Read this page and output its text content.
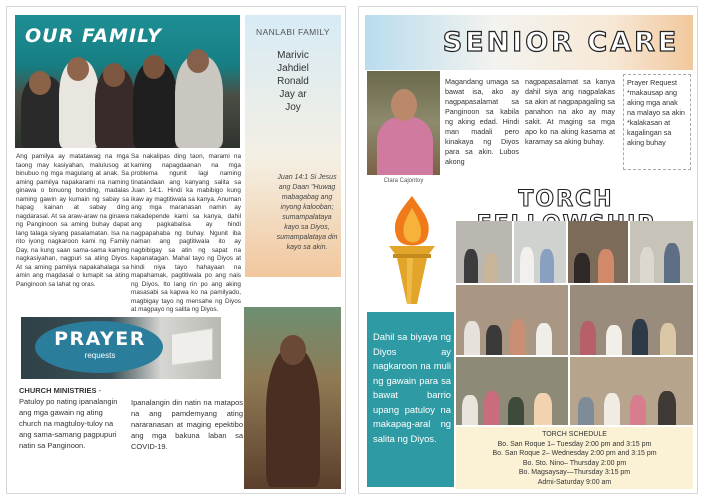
OUR FAMILY	NANLABI FAMILY
Marivic
Jahdiel
Ronald
Jay ar
Joy
Juan 14:1 Si Jesus ang Daan "Huwag mabagabag ang inyong kalooban; sumampalataya kayo sa Diyos, sumampalataya din kayo sa akin.
Ang pamilya ay matatawag na mga taong may kasiyahan, malulusog at binubuo ng mga magulang at anak. Sa aming pamilya napakarami na naming ginawa o binuong bonding, madalas naming gawin ay kumain ng sabay sa hapag kainan at sabay ding nagdarasal. At sa araw-araw na ginawa ng Panginoon sa aming buhay dapat lang talaga siyang pasalamatan. Isa na rito iyong nagkaroon kami ng Family Day, na kung saan sama-sama kaming nagkasiyahan, nagpuri sa ating Diyos. At sa aming pamilya napakahalaga sa amin ang magdasal o lumapit sa ating Panginoon sa lahat ng oras.
Sa nakalipas ding taon, marami na kaming napagdaanan na mga problema ngunit lagi naming tinatandaan ang kanyang salita sa Juan 14:1. Hindi ka mabibigo kung ikaw ay magtitiwala sa kanya. Anuman ang mga maranasan namin ay nakadepende kami sa kanya, dahil ang pagkabalisa ay hindi nagpapahaba ng buhay. Ngunit iba naman ang pagtitiwala ito ay nagbibigay sa atin ng sapat na kapanatagan. Mahal tayo ng Diyos at hindi niya tayo hahayaan na mapahamak, pagtitiwala po ang nais ng Diyos. Ito lang rin po ang aking masasabi sa kapwa ko na pamilyado, magbigay tayo ng mensahe ng Diyos at magpayo ng salita ng Diyos.
PRAYER
requests
CHURCH MINISTRIES - Patuloy po nating ipanalangin ang mga gawain ng ating church na magtuloy-tuloy na ang sama-samang pagpupuri natin sa Panginoon.
Ipanalangin din natin na matapos na ang pamdemyang ating nararanasan at maging epektibo ang mga bakuna laban sa COVID-19.
SENIOR CARE
Clara Cajontoy
Magandang umaga sa bawat isa, ako ay nagpapasalamat sa Panginoon sa kabila ng aking edad. Hindi man madali pero kinakaya ng Diyos para sa akin. Lubos akong
nagpapasalamat sa kanya dahil siya ang nagpalakas sa akin at nagpapagaling sa panahon na ako ay may sakit. At maging sa mga apo ko na aking kasama at karamay sa aking buhay.
Prayer Request *makausap ang aking mga anak na malayo sa akin *kalakasan at kagalingan sa aking buhay
TORCH
Dahil sa biyaya ng Diyos ay nagkaroon na muli ng gawain para sa bawat barrio upang patuloy na makapag-aral ng salita ng Diyos.	TORCH SCHEDULE
Bo. San Roque 1– Tuesday 2:00 pm and 3:15 pm
Bo. San Roque 2– Wednesday 2:00 pm and 3:15 pm
Bo. Sto. Nino– Thursday 2:00 pm
Bo. Magsaysay—Thursday 3:15 pm
Admi-Saturday 9:00 am
